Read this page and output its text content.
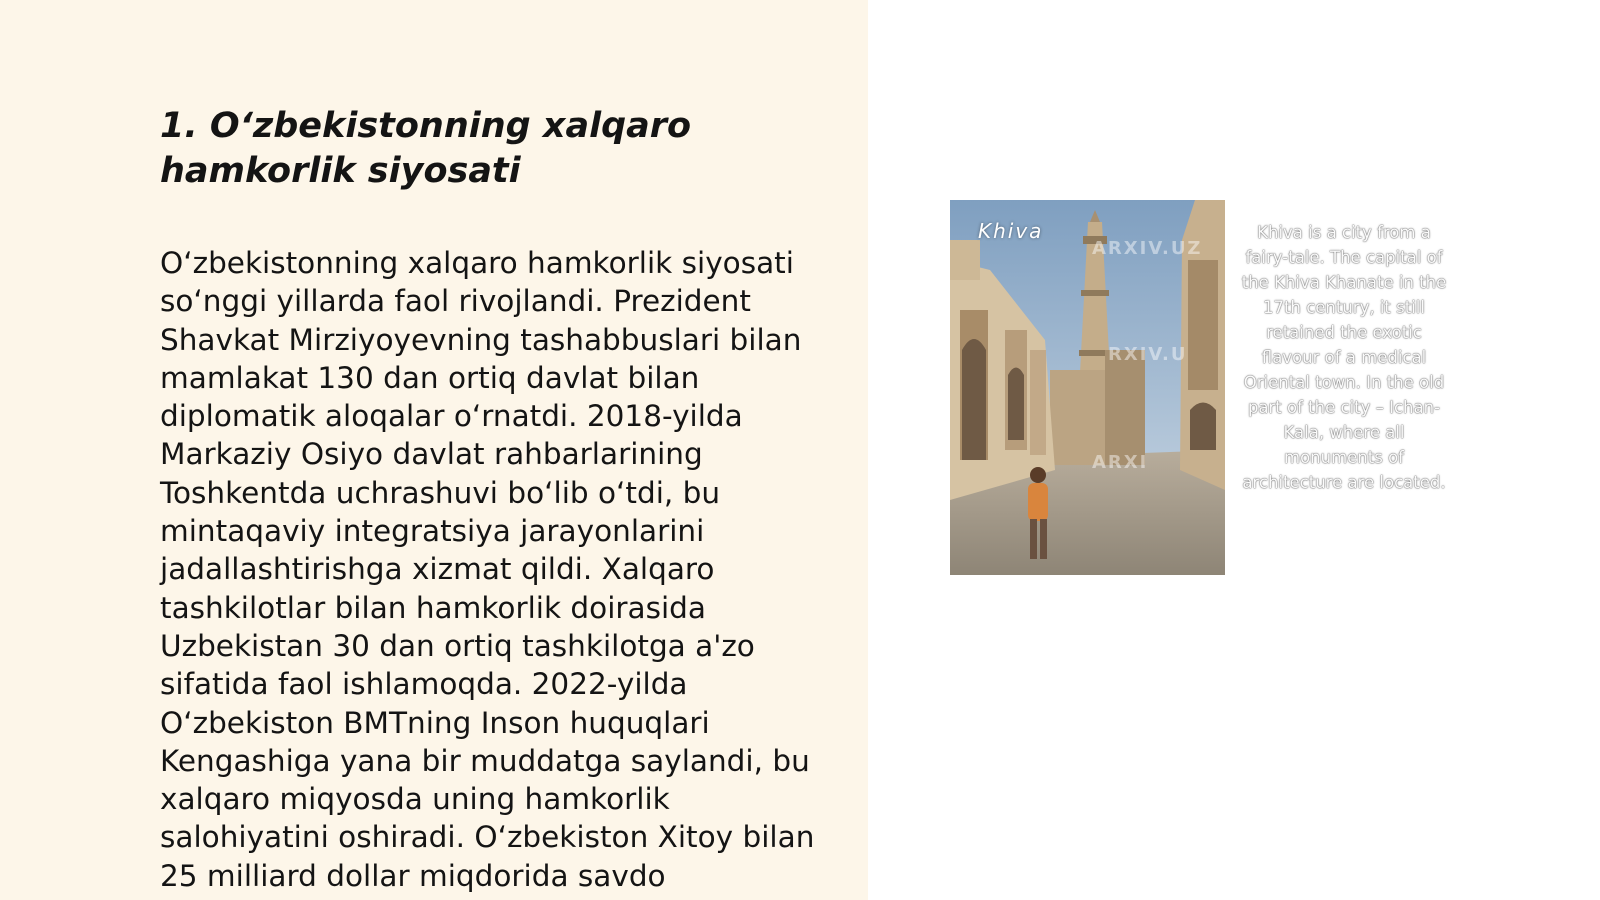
1. O‘zbekistonning xalqaro hamkorlik siyosati

O‘zbekistonning xalqaro hamkorlik siyosati so‘nggi yillarda faol rivojlandi. Prezident Shavkat Mirziyoyevning tashabbuslari bilan mamlakat 130 dan ortiq davlat bilan diplomatik aloqalar o‘rnatdi. 2018-yilda Markaziy Osiyo davlat rahbarlarining Toshkentda uchrashuvi bo‘lib o‘tdi, bu mintaqaviy integratsiya jarayonlarini jadallashtirishga xizmat qildi. Xalqaro tashkilotlar bilan hamkorlik doirasida Uzbekistan 30 dan ortiq tashkilotga a'zo sifatida faol ishlamoqda. 2022-yilda O‘zbekiston BMTning Inson huquqlari Kengashiga yana bir muddatga saylandi, bu xalqaro miqyosda uning hamkorlik salohiyatini oshiradi. O‘zbekiston Xitoy bilan 25 milliard dollar miqdorida savdo

Khiva
ARXIV.UZ
RXIV.U
ARXI

Khiva is a city from a fairy-tale. The capital of the Khiva Khanate in the 17th century, it still retained the exotic flavour of a medical Oriental town. In the old part of the city – Ichan-Kala, where all monuments of architecture are located.
